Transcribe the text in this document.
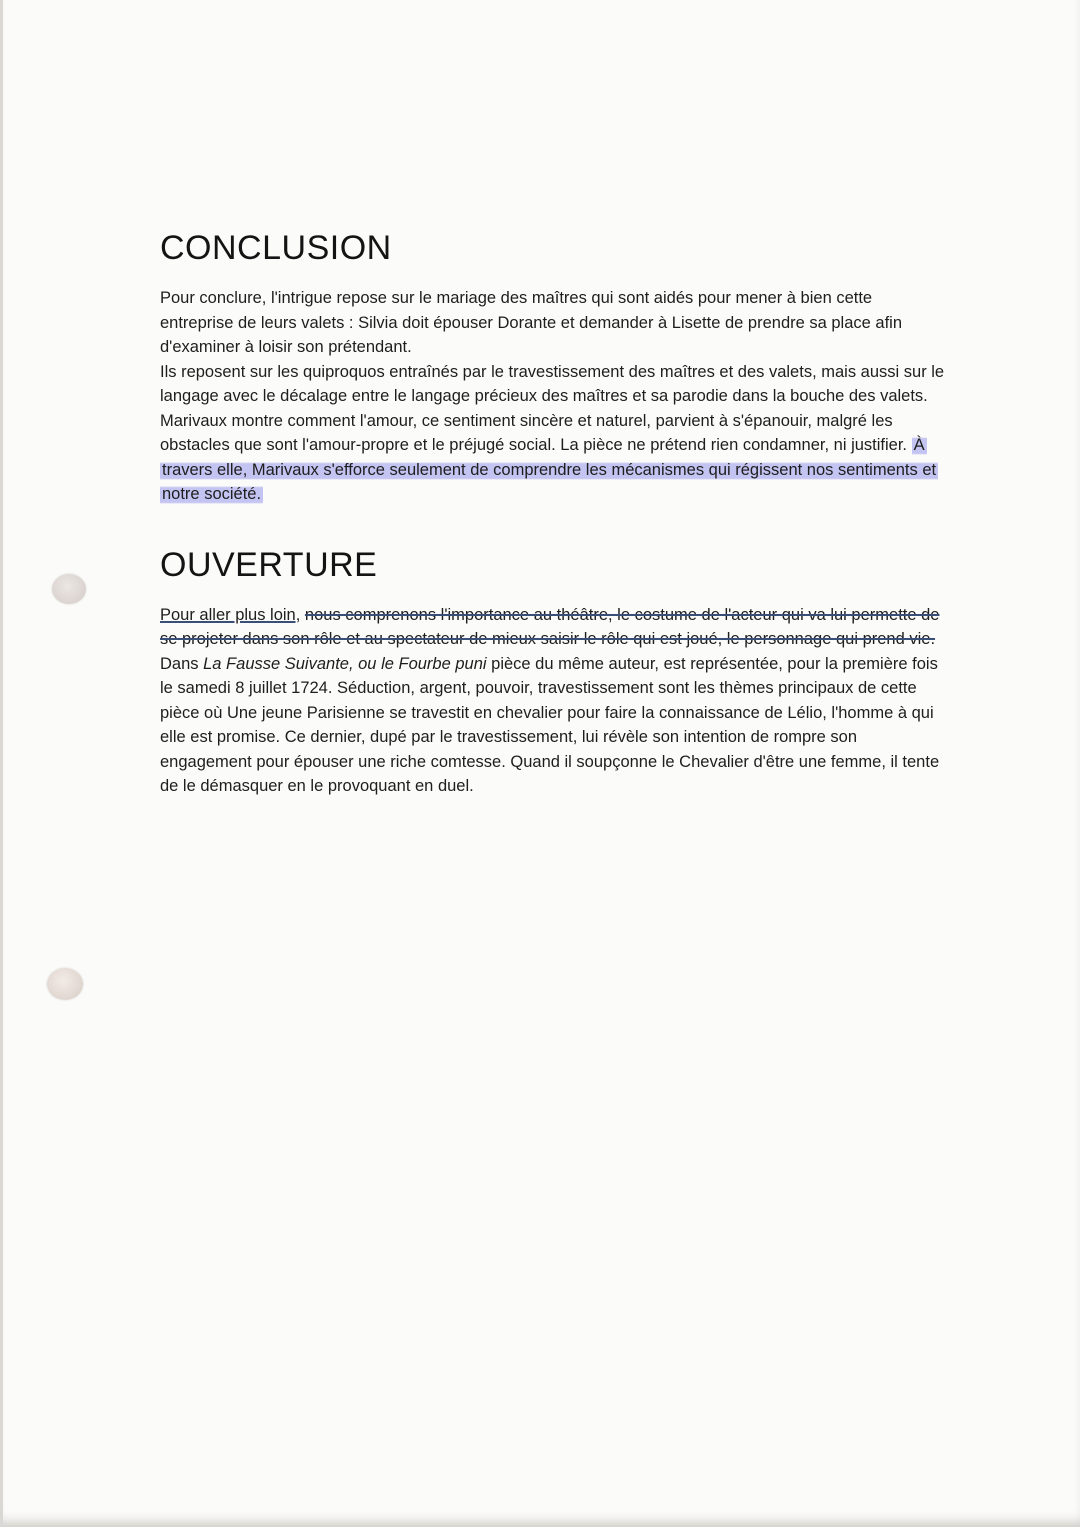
CONCLUSION

Pour conclure, l'intrigue repose sur le mariage des maîtres qui sont aidés pour mener à bien cette entreprise de leurs valets : Silvia doit épouser Dorante et demander à Lisette de prendre sa place afin d'examiner à loisir son prétendant.

Ils reposent sur les quiproquos entraînés par le travestissement des maîtres et des valets, mais aussi sur le langage avec le décalage entre le langage précieux des maîtres et sa parodie dans la bouche des valets.

Marivaux montre comment l'amour, ce sentiment sincère et naturel, parvient à s'épanouir, malgré les obstacles que sont l'amour-propre et le préjugé social. La pièce ne prétend rien condamner, ni justifier. À travers elle, Marivaux s'efforce seulement de comprendre les mécanismes qui régissent nos sentiments et notre société.

OUVERTURE

Pour aller plus loin, nous comprenons l'importance au théâtre, le costume de l'acteur qui va lui permette de se projeter dans son rôle et au spectateur de mieux saisir le rôle qui est joué, le personnage qui prend vie. Dans La Fausse Suivante, ou le Fourbe puni pièce du même auteur, est représentée, pour la première fois le samedi 8 juillet 1724. Séduction, argent, pouvoir, travestissement sont les thèmes principaux de cette pièce où Une jeune Parisienne se travestit en chevalier pour faire la connaissance de Lélio, l'homme à qui elle est promise. Ce dernier, dupé par le travestissement, lui révèle son intention de rompre son engagement pour épouser une riche comtesse. Quand il soupçonne le Chevalier d'être une femme, il tente de le démasquer en le provoquant en duel.
